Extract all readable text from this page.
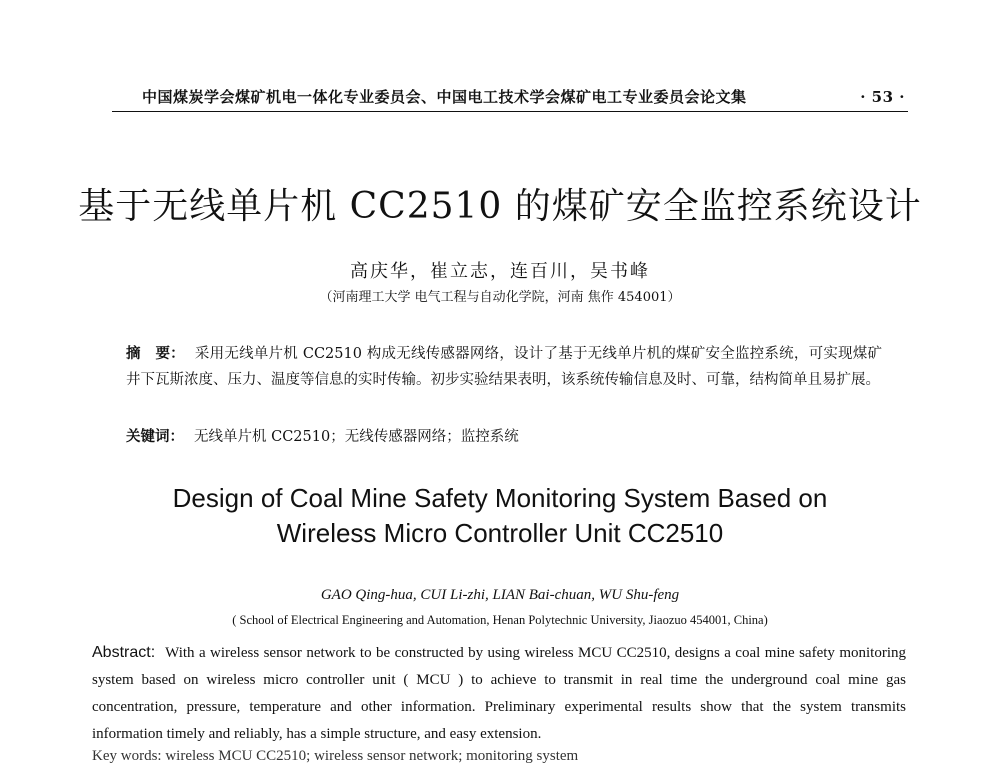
中国煤炭学会煤矿机电一体化专业委员会、中国电工技术学会煤矿电工专业委员会论文集	· 53 ·
基于无线单片机 CC2510 的煤矿安全监控系统设计
高庆华，崔立志，连百川，吴书峰
（河南理工大学 电气工程与自动化学院，河南 焦作 454001）
摘　要： 采用无线单片机 CC2510 构成无线传感器网络，设计了基于无线单片机的煤矿安全监控系统，可实现煤矿井下瓦斯浓度、压力、温度等信息的实时传输。初步实验结果表明，该系统传输信息及时、可靠，结构简单且易扩展。
关键词： 无线单片机 CC2510；无线传感器网络；监控系统
Design of Coal Mine Safety Monitoring System Based on
Wireless Micro Controller Unit CC2510
GAO Qing-hua, CUI Li-zhi, LIAN Bai-chuan, WU Shu-feng
( School of Electrical Engineering and Automation, Henan Polytechnic University, Jiaozuo 454001, China)
Abstract: With a wireless sensor network to be constructed by using wireless MCU CC2510, designs a coal mine safety monitoring system based on wireless micro controller unit ( MCU ) to achieve to transmit in real time the underground coal mine gas concentration, pressure, temperature and other information. Preliminary experimental results show that the system transmits information timely and reliably, has a simple structure, and easy extension.
Key words: wireless MCU CC2510; wireless sensor network; monitoring system
